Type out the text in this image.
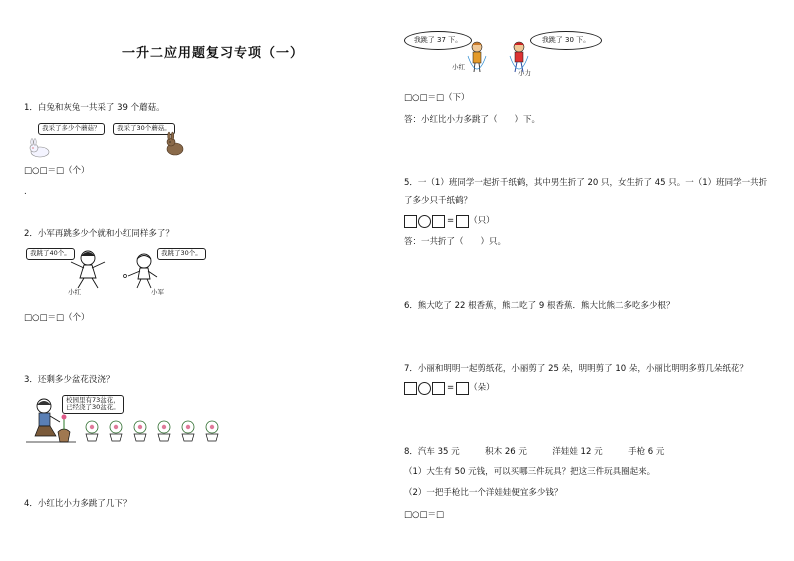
一升二应用题复习专项（一）
1．白兔和灰兔一共采了 39 个蘑菇。
我采了多少个蘑菇？	我采了30个蘑菇。
□○□＝□（个）
.
2．小军再跳多少个就和小红同样多了？
我跳了40个。	我跳了30个。
小红	小军
□○□＝□（个）
3．还剩多少盆花没浇？
校园里有73盆花，
已经浇了30盆花。
4．小红比小力多跳了几下？
我跳了 37 下。	我跳了 30 下。
小红
小力
□○□＝□（下）
答：小红比小力多跳了（　　）下。
5．一（1）班同学一起折千纸鹤，其中男生折了 20 只，女生折了 45 只。一（1）班同学一共折
了多少只千纸鹤？
= （只）
答：一共折了（　　）只。
6．熊大吃了 22 根香蕉，熊二吃了 9 根香蕉．熊大比熊二多吃多少根？
7．小丽和明明一起剪纸花，小丽剪了 25 朵，明明剪了 10 朵，小丽比明明多剪几朵纸花？
= （朵）
8．汽车 35 元　　　积木 26 元　　　洋娃娃 12 元　　　手枪 6 元
（1）大生有 50 元钱，可以买哪三件玩具？把这三件玩具圈起来。
（2）一把手枪比一个洋娃娃便宜多少钱？
□○□＝□
